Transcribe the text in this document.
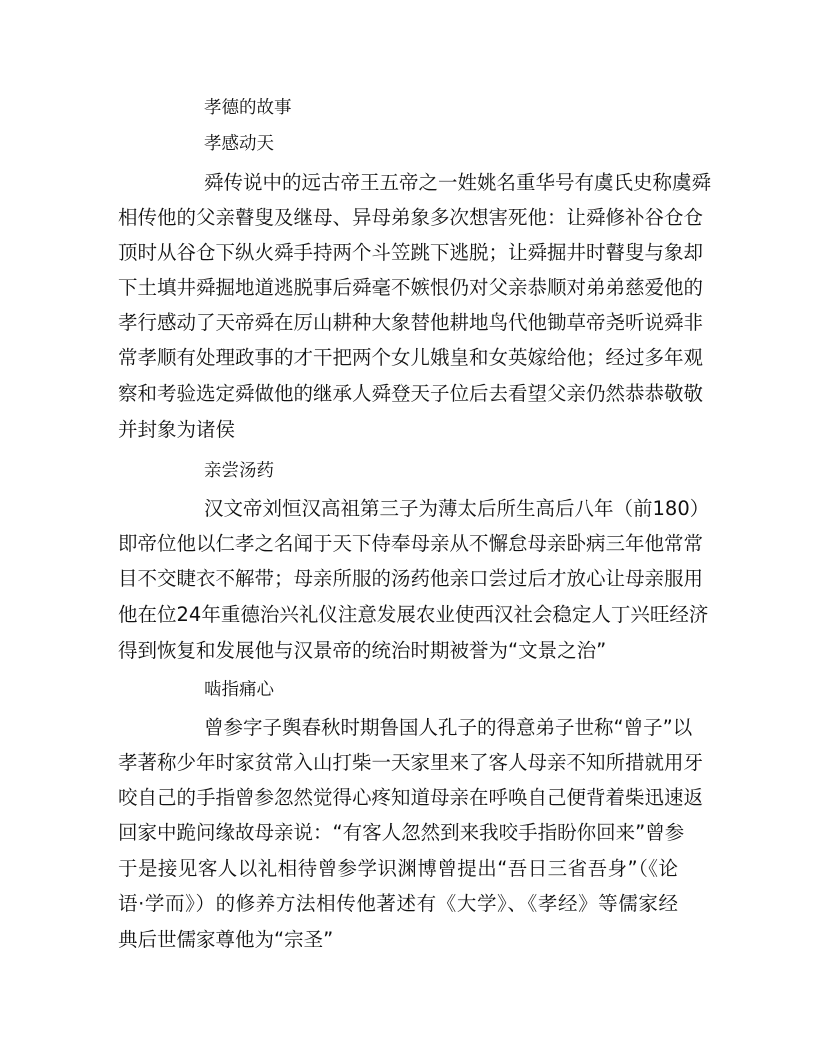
孝德的故事
孝感动天
舜传说中的远古帝王五帝之一姓姚名重华号有虞氏史称虞舜
相传他的父亲瞽叟及继母、异母弟象多次想害死他：让舜修补谷仓仓
顶时从谷仓下纵火舜手持两个斗笠跳下逃脱；让舜掘井时瞽叟与象却
下土填井舜掘地道逃脱事后舜毫不嫉恨仍对父亲恭顺对弟弟慈爱他的
孝行感动了天帝舜在厉山耕种大象替他耕地鸟代他锄草帝尧听说舜非
常孝顺有处理政事的才干把两个女儿娥皇和女英嫁给他；经过多年观
察和考验选定舜做他的继承人舜登天子位后去看望父亲仍然恭恭敬敬
并封象为诸侯
亲尝汤药
汉文帝刘恒汉高祖第三子为薄太后所生高后八年（前180）
即帝位他以仁孝之名闻于天下侍奉母亲从不懈怠母亲卧病三年他常常
目不交睫衣不解带；母亲所服的汤药他亲口尝过后才放心让母亲服用
他在位24年重德治兴礼仪注意发展农业使西汉社会稳定人丁兴旺经济
得到恢复和发展他与汉景帝的统治时期被誉为“文景之治”
啮指痛心
曾参字子舆春秋时期鲁国人孔子的得意弟子世称“曾子”以
孝著称少年时家贫常入山打柴一天家里来了客人母亲不知所措就用牙
咬自己的手指曾参忽然觉得心疼知道母亲在呼唤自己便背着柴迅速返
回家中跪问缘故母亲说：“有客人忽然到来我咬手指盼你回来”曾参
于是接见客人以礼相待曾参学识渊博曾提出“吾日三省吾身”（《论
语·学而》）的修养方法相传他著述有《大学》、《孝经》等儒家经
典后世儒家尊他为“宗圣”
